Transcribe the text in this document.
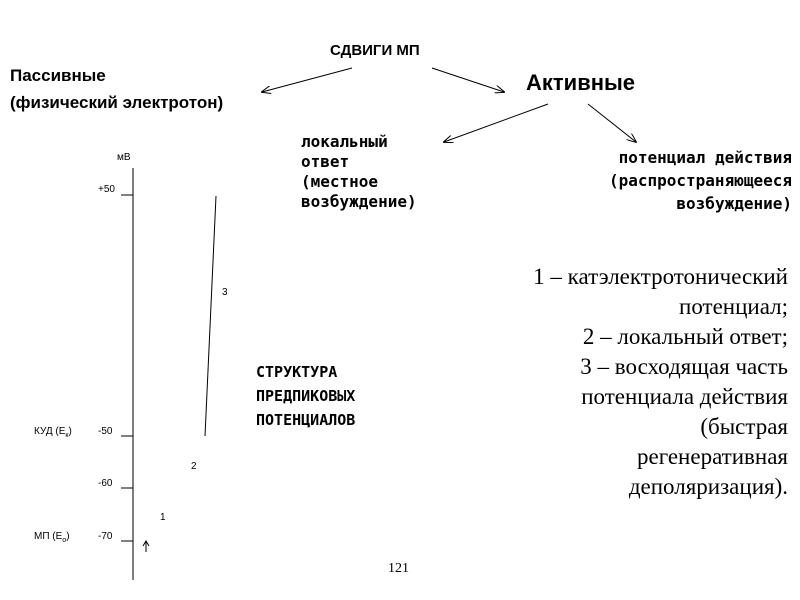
СДВИГИ МП
Пассивные
(физический электротон)
Активные
локальный
ответ
(местное
возбуждение)
потенциал действия
(распространяющееся
возбуждение)
СТРУКТУРА
ПРЕДПИКОВЫХ
ПОТЕНЦИАЛОВ
мВ
+50
-50
-60
-70
КУД $(E_к)$
МП $(E_о)$
1
2
3
1 – катэлектротонический
потенциал;
2 – локальный ответ;
3 – восходящая часть
потенциала действия
(быстрая
регенеративная
деполяризация).
121
